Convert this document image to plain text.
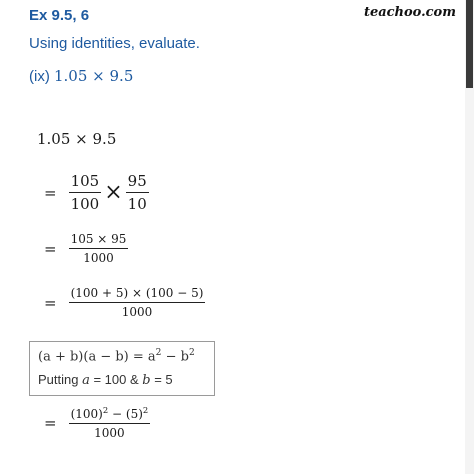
teachoo.com
Ex 9.5, 6
Using identities, evaluate.
(ix) 1.05 × 9.5
1.05 × 9.5
= $\frac{105}{100} \times \frac{95}{10}$
= $\frac{105 \times 95}{1000}$
= $\frac{(100 + 5) \times (100 - 5)}{1000}$
$(a + b)(a - b) = a^2 - b^2$
Putting a = 100 & b = 5
= $\frac{(100)^2 - (5)^2}{1000}$
